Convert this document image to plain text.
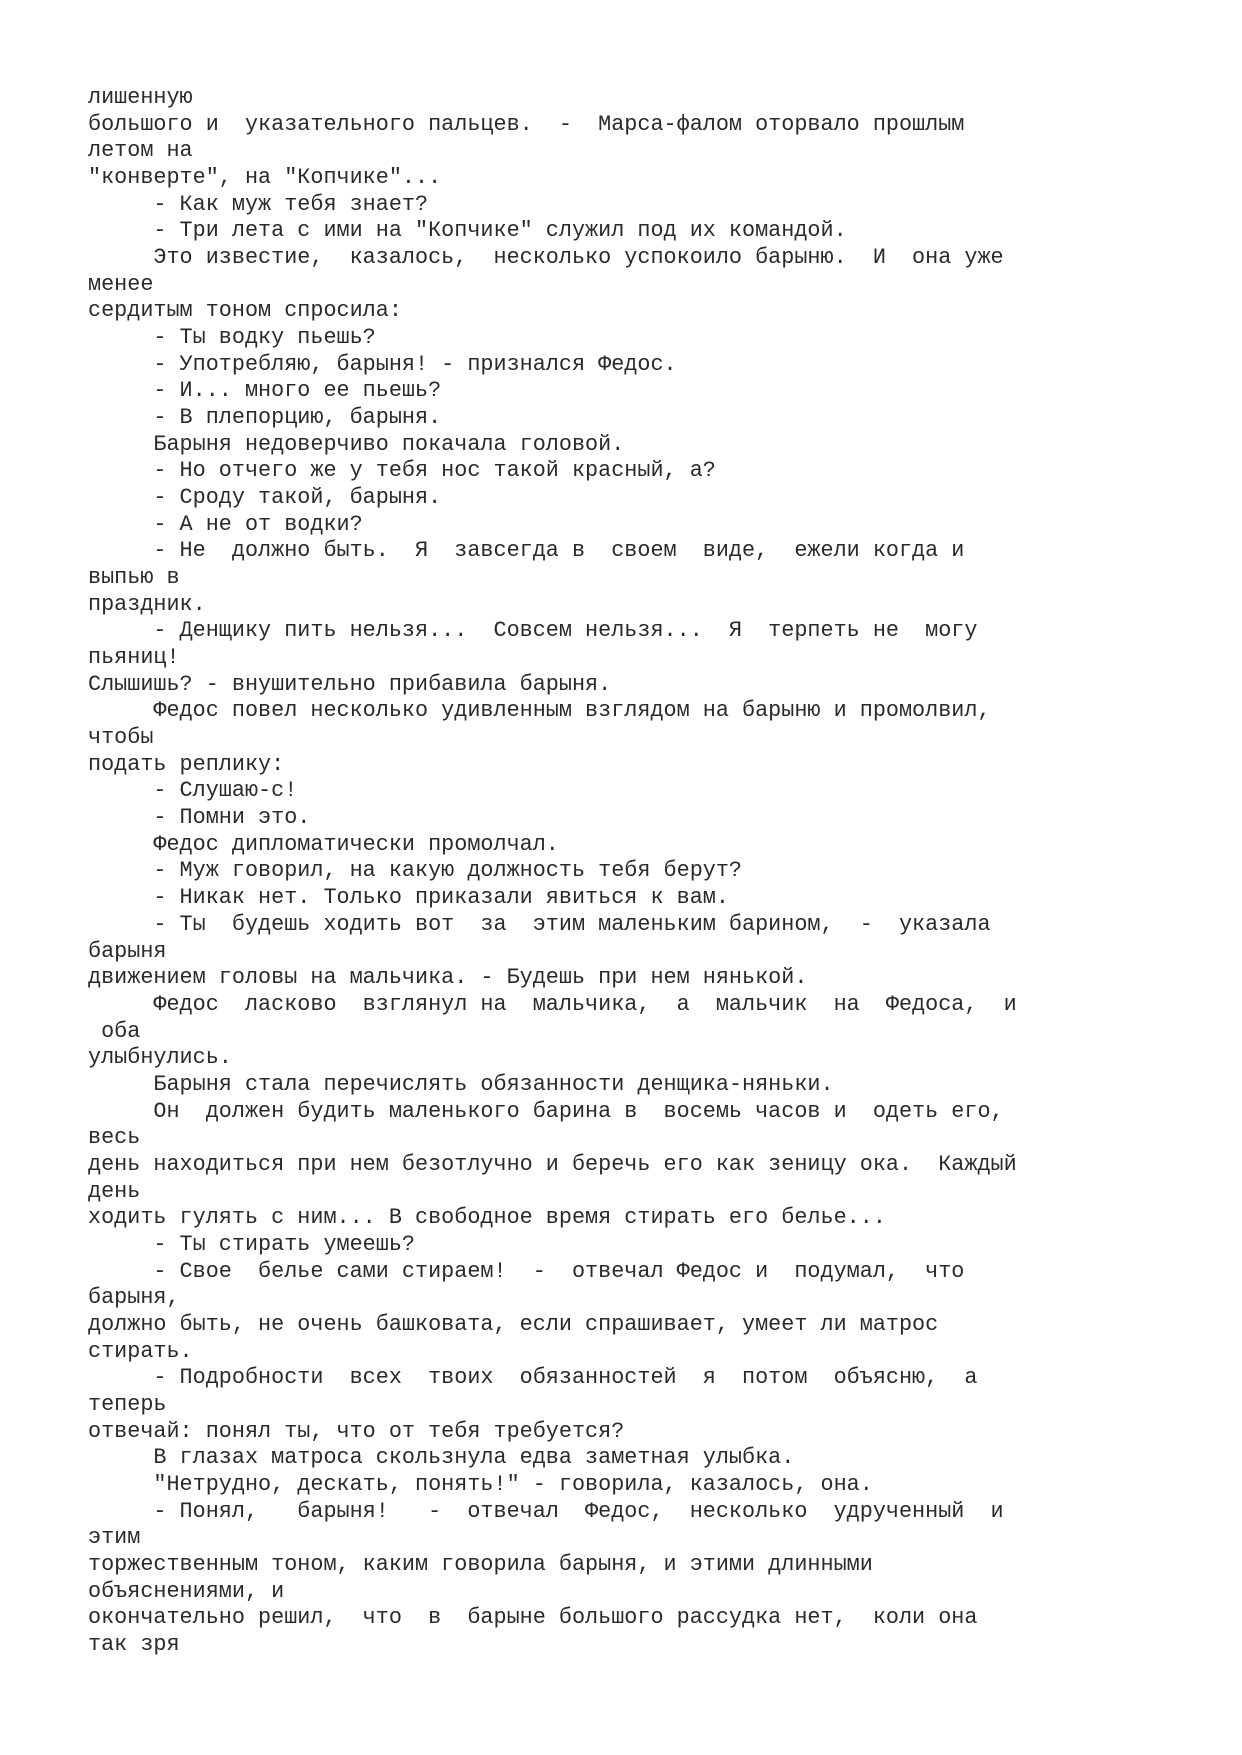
лишенную
большого и  указательного пальцев.  -  Марса-фалом оторвало прошлым
летом на
"конверте", на "Копчике"...
- Как муж тебя знает?
- Три лета с ими на "Копчике" служил под их командой.
Это известие,  казалось,  несколько успокоило барыню.  И  она уже
менее
сердитым тоном спросила:
- Ты водку пьешь?
- Употребляю, барыня! - признался Федос.
- И... много ее пьешь?
- В плепорцию, барыня.
Барыня недоверчиво покачала головой.
- Но отчего же у тебя нос такой красный, а?
- Сроду такой, барыня.
- А не от водки?
- Не  должно быть.  Я  завсегда в  своем  виде,  ежели когда и
выпью в
праздник.
- Денщику пить нельзя...  Совсем нельзя...  Я  терпеть не  могу
пьяниц!
Слышишь? - внушительно прибавила барыня.
Федос повел несколько удивленным взглядом на барыню и промолвил,
чтобы
подать реплику:
- Слушаю-с!
- Помни это.
Федос дипломатически промолчал.
- Муж говорил, на какую должность тебя берут?
- Никак нет. Только приказали явиться к вам.
- Ты  будешь ходить вот  за  этим маленьким барином,  -  указала
барыня
движением головы на мальчика. - Будешь при нем нянькой.
Федос  ласково  взглянул на  мальчика,  а  мальчик  на  Федоса,  и
оба
улыбнулись.
Барыня стала перечислять обязанности денщика-няньки.
Он  должен будить маленького барина в  восемь часов и  одеть его,
весь
день находиться при нем безотлучно и беречь его как зеницу ока.  Каждый
день
ходить гулять с ним... В свободное время стирать его белье...
- Ты стирать умеешь?
- Свое  белье сами стираем!  -  отвечал Федос и  подумал,  что
барыня,
должно быть, не очень башковата, если спрашивает, умеет ли матрос
стирать.
- Подробности  всех  твоих  обязанностей  я  потом  объясню,  а
теперь
отвечай: понял ты, что от тебя требуется?
В глазах матроса скользнула едва заметная улыбка.
"Нетрудно, дескать, понять!" - говорила, казалось, она.
- Понял,   барыня!   -  отвечал  Федос,  несколько  удрученный  и
этим
торжественным тоном, каким говорила барыня, и этими длинными
объяснениями, и
окончательно решил,  что  в  барыне большого рассудка нет,  коли она
так зря
